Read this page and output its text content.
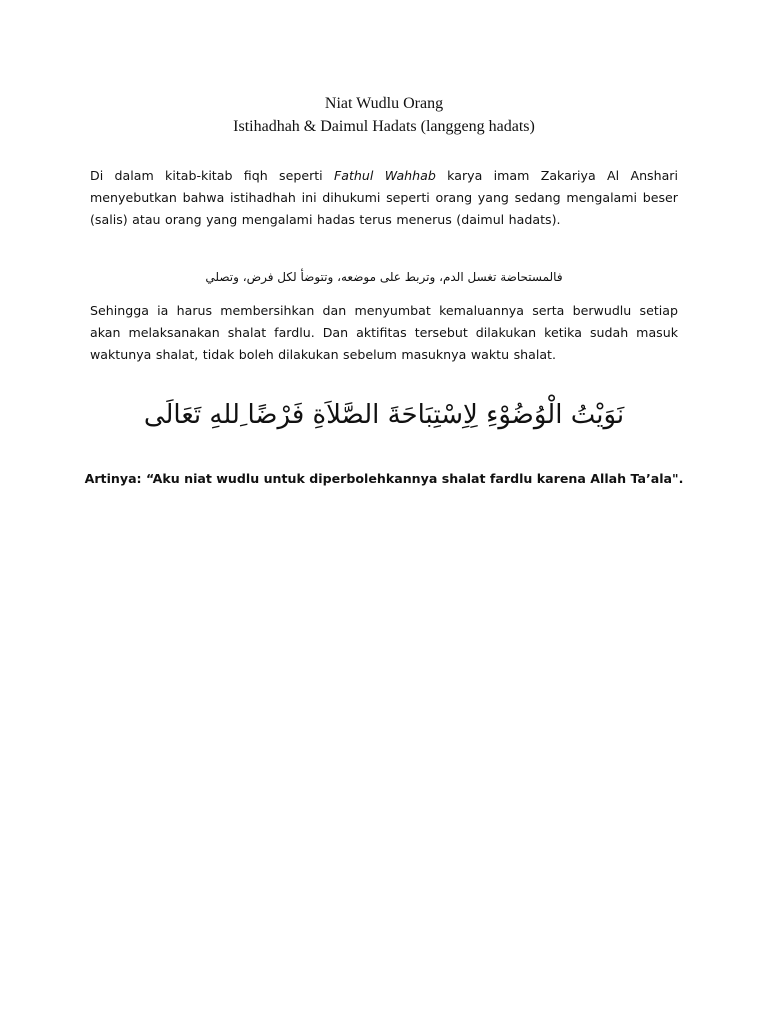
Niat Wudlu Orang
Istihadhah & Daimul Hadats (langgeng hadats)
Di dalam kitab-kitab fiqh seperti Fathul Wahhab karya imam Zakariya Al Anshari menyebutkan bahwa istihadhah ini dihukumi seperti orang yang sedang mengalami beser (salis) atau orang yang mengalami hadas terus menerus (daimul hadats).
فالمستحاضة تغسل الدم، وتربط على موضعه، وتتوضأ لكل فرض، وتصلي
Sehingga ia harus membersihkan dan menyumbat kemaluannya serta berwudlu setiap akan melaksanakan shalat fardlu. Dan aktifitas tersebut dilakukan ketika sudah masuk waktunya shalat, tidak boleh dilakukan sebelum masuknya waktu shalat.
نَوَيْتُ الْوُضُوْءِ لِاِسْتِبَاحَةَ الصَّلاَةِ فَرْضًا ِللهِ تَعَالَى
Artinya: “Aku niat wudlu untuk diperbolehkannya shalat fardlu karena Allah Ta’ala".
